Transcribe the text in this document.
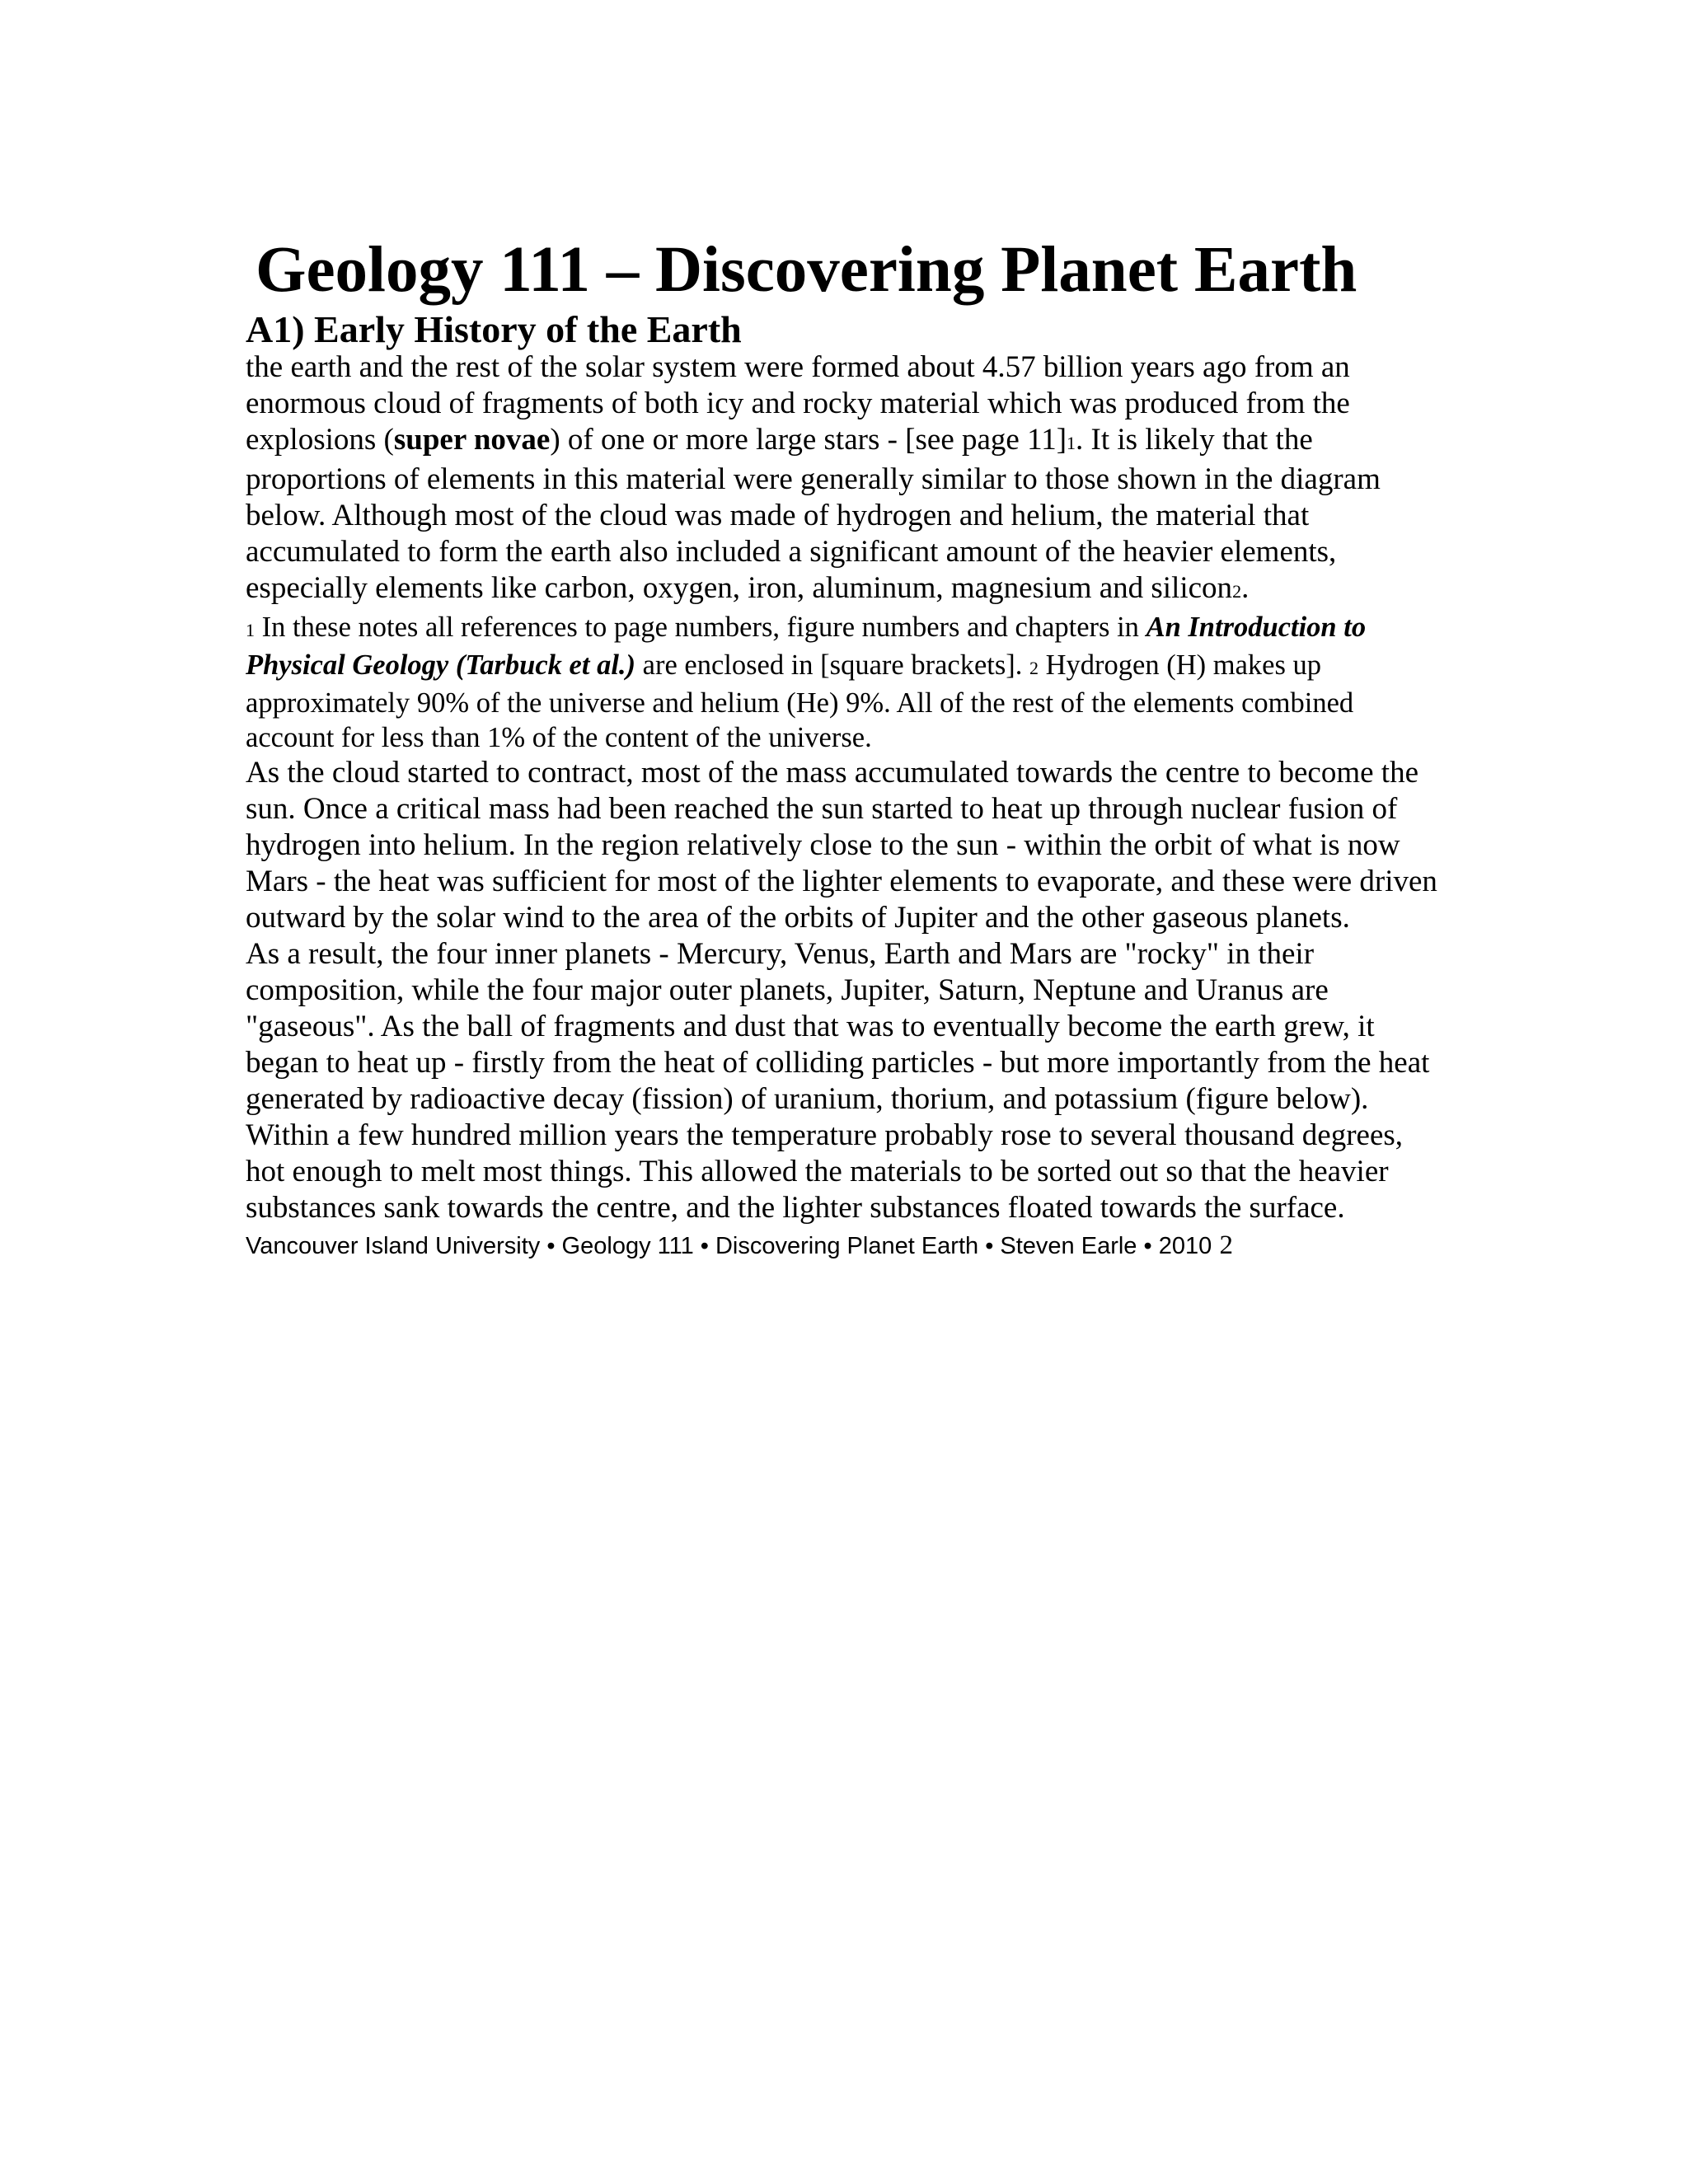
Geology 111 – Discovering Planet Earth
A1) Early History of the Earth

the earth and the rest of the solar system were formed about 4.57 billion years ago from an enormous cloud of fragments of both icy and rocky material which was produced from the explosions (super novae) of one or more large stars - [see page 11]1. It is likely that the proportions of elements in this material were generally similar to those shown in the diagram below. Although most of the cloud was made of hydrogen and helium, the material that accumulated to form the earth also included a significant amount of the heavier elements, especially elements like carbon, oxygen, iron, aluminum, magnesium and silicon2.

1 In these notes all references to page numbers, figure numbers and chapters in An Introduction to Physical Geology (Tarbuck et al.) are enclosed in [square brackets]. 2 Hydrogen (H) makes up approximately 90% of the universe and helium (He) 9%. All of the rest of the elements combined account for less than 1% of the content of the universe.

As the cloud started to contract, most of the mass accumulated towards the centre to become the sun. Once a critical mass had been reached the sun started to heat up through nuclear fusion of hydrogen into helium. In the region relatively close to the sun - within the orbit of what is now Mars - the heat was sufficient for most of the lighter elements to evaporate, and these were driven outward by the solar wind to the area of the orbits of Jupiter and the other gaseous planets.

As a result, the four inner planets - Mercury, Venus, Earth and Mars are "rocky" in their composition, while the four major outer planets, Jupiter, Saturn, Neptune and Uranus are "gaseous". As the ball of fragments and dust that was to eventually become the earth grew, it began to heat up - firstly from the heat of colliding particles - but more importantly from the heat generated by radioactive decay (fission) of uranium, thorium, and potassium (figure below). Within a few hundred million years the temperature probably rose to several thousand degrees, hot enough to melt most things. This allowed the materials to be sorted out so that the heavier substances sank towards the centre, and the lighter substances floated towards the surface. Vancouver Island University • Geology 111 • Discovering Planet Earth • Steven Earle • 2010 2
